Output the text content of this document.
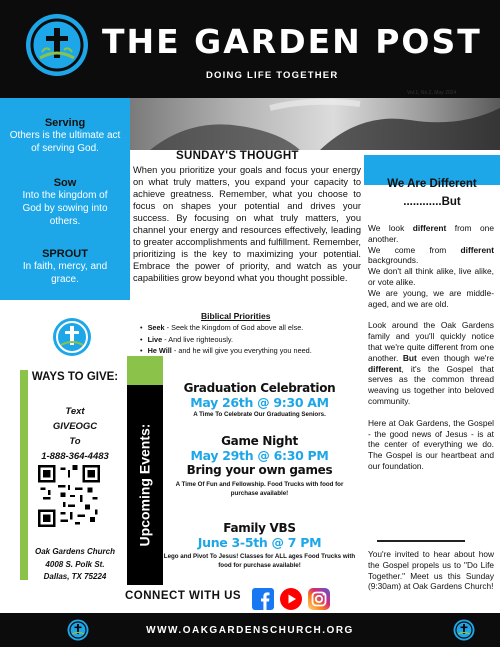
THE GARDEN POST
DOING LIFE TOGETHER
Vol.1, No.2, May 2024
Serving
Others is the ultimate act of serving God.
Sow
Into the kingdom of God by sowing into others.
SPROUT
In faith, mercy, and grace.
SUNDAY'S THOUGHT
When you prioritize your goals and focus your energy on what truly matters, you expand your capacity to achieve greatness. Remember, what you choose to focus on shapes your potential and drives your success. By focusing on what truly matters, you channel your energy and resources effectively, leading to greater accomplishments and fulfillment. Remember, prioritizing is the key to maximizing your potential. Embrace the power of priority, and watch as your capabilities grow beyond what you thought possible.
Biblical Priorities
• Seek - Seek the Kingdom of God above all else.
• Live - And live righteously.
• He Will - and he will give you everything you need.
We Are Different
............But

We look different from one another.
We come from different backgrounds.
We don't all think alike, live alike, or vote alike.
We are young, we are middle-aged, and we are old.

Look around the Oak Gardens family and you'll quickly notice that we're quite different from one another. But even though we're different, it's the Gospel that serves as the common thread weaving us together into beloved community.

Here at Oak Gardens, the Gospel - the good news of Jesus - is at the center of everything we do. The Gospel is our heartbeat and our foundation.

You're invited to hear about how the Gospel propels us to "Do Life Together." Meet us this Sunday (9:30am) at Oak Gardens Church!
WAYS TO GIVE:
Text
GIVEOGC
To
1-888-364-4483
Oak Gardens Church
4008 S. Polk St.
Dallas, TX 75224
Upcoming Events:
Graduation Celebration
May 26th @ 9:30 AM
A Time To Celebrate Our Graduating Seniors.
Game Night
May 29th @ 6:30 PM
Bring your own games
A Time Of Fun and Fellowship. Food Trucks with food for purchase available!
Family VBS
June 3-5th @ 7 PM
Lego and Pivot To Jesus! Classes for ALL ages Food Trucks with food for purchase available!
CONNECT WITH US
WWW.OAKGARDENSCHURCH.ORG
